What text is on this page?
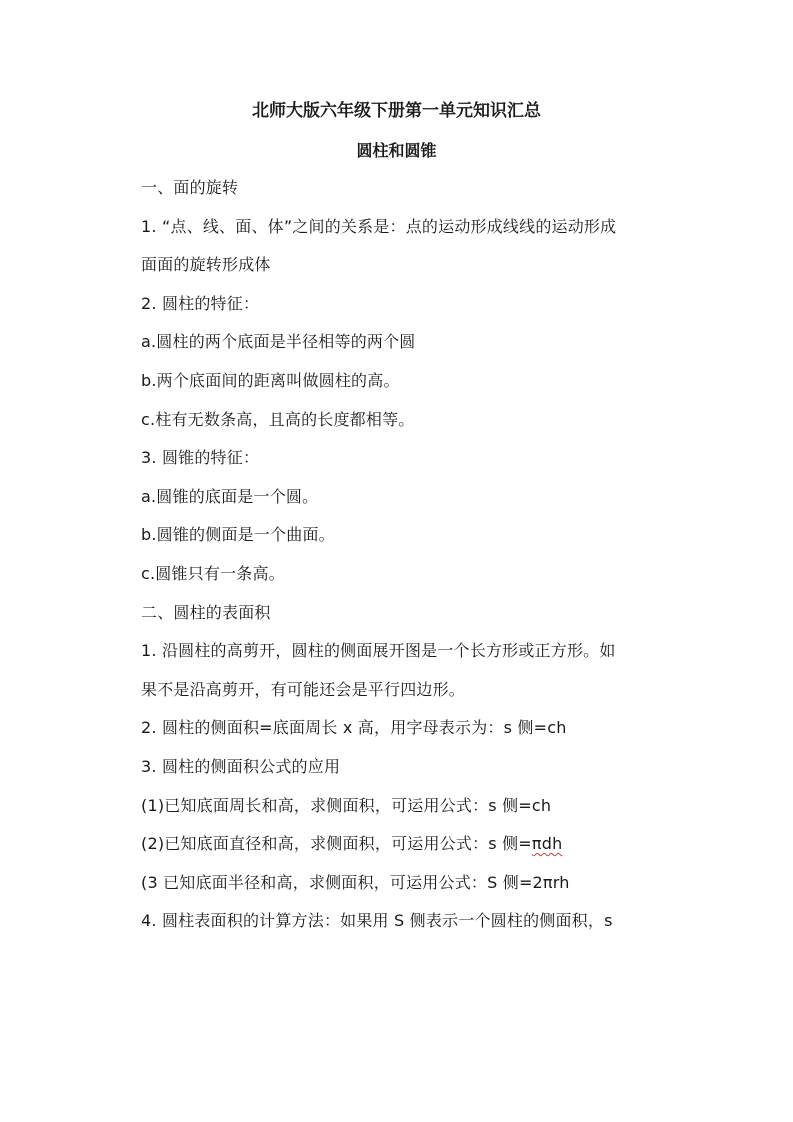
北师大版六年级下册第一单元知识汇总
圆柱和圆锥
一、面的旋转
1. “点、线、面、体”之间的关系是：点的运动形成线线的运动形成
面面的旋转形成体
2. 圆柱的特征：
a.圆柱的两个底面是半径相等的两个圆
b.两个底面间的距离叫做圆柱的高。
c.柱有无数条高，且高的长度都相等。
3. 圆锥的特征：
a.圆锥的底面是一个圆。
b.圆锥的侧面是一个曲面。
c.圆锥只有一条高。
二、圆柱的表面积
1. 沿圆柱的高剪开，圆柱的侧面展开图是一个长方形或正方形。如
果不是沿高剪开，有可能还会是平行四边形。
2. 圆柱的侧面积=底面周长 x 高，用字母表示为：s 侧=ch
3. 圆柱的侧面积公式的应用
(1)已知底面周长和高，求侧面积，可运用公式：s 侧=ch
(2)已知底面直径和高，求侧面积，可运用公式：s 侧=πdh
(3 已知底面半径和高，求侧面积，可运用公式：S 侧=2πrh
4. 圆柱表面积的计算方法：如果用 S 侧表示一个圆柱的侧面积，s
